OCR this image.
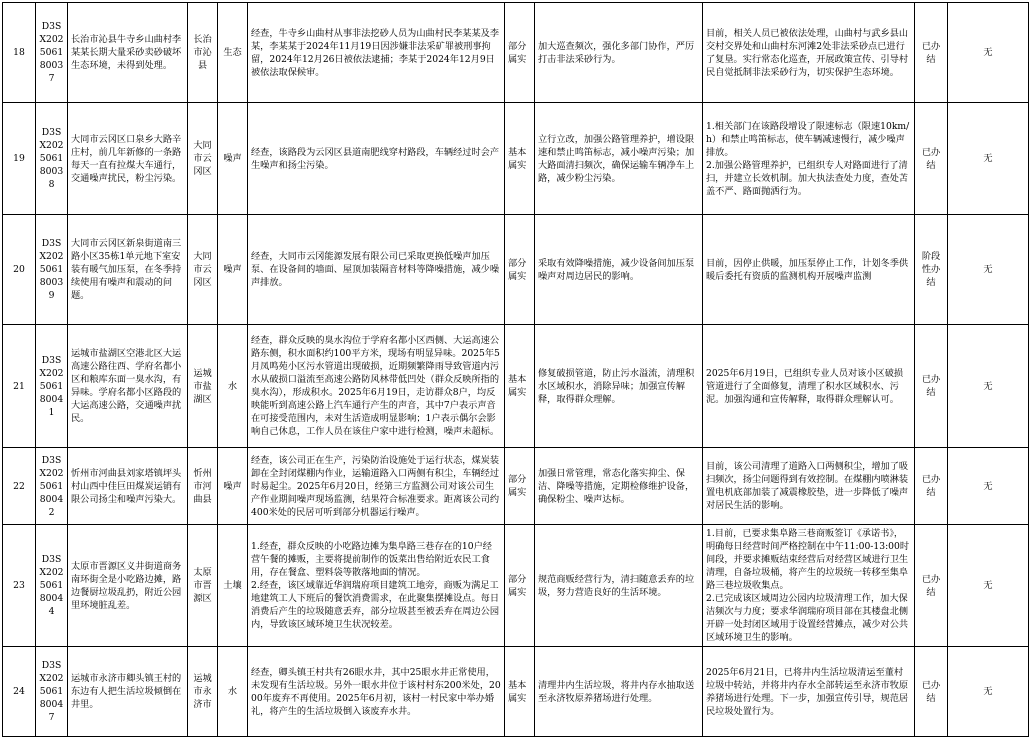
18	D3SX202506180037	长治市沁县牛寺乡山曲村李某某长期大量采砂卖砂破坏生态环境，未得到处理。	长治市沁县	生态	经查，牛寺乡山曲村从事非法挖砂人员为山曲村民李某某及李某，李某某于2024年11月19日因涉嫌非法采矿罪被刑事拘留，2024年12月26日被依法逮捕；李某于2024年12月9日被依法取保候审。	部分属实	加大巡查频次，强化多部门协作，严厉打击非法采砂行为。	目前，相关人员已被依法处理，山曲村与武乡县山交村交界处和山曲村东河滩2处非法采砂点已进行了复垦。实行常态化巡查，开展政策宣传、引导村民自觉抵制非法采砂行为，切实保护生态环境。	已办结	无
19	D3SX202506180038	大同市云冈区口泉乡大路辛庄村，前几年新修的一条路每天一直有拉煤大车通行，交通噪声扰民，粉尘污染。	大同市云冈区	噪声	经查，该路段为云冈区县道南肥线穿村路段，车辆经过时会产生噪声和扬尘污染。	基本属实	立行立改，加强公路管理养护，增设限速和禁止鸣笛标志，减小噪声污染；加大路面清扫频次，确保运输车辆净车上路，减少粉尘污染。	1.相关部门在该路段增设了限速标志（限速10km/h）和禁止鸣笛标志，使车辆减速慢行，减少噪声排放。
2.加强公路管理养护，已组织专人对路面进行了清扫，并建立长效机制。加大执法查处力度，查处苫盖不严、路面抛洒行为。	已办结	无
20	D3SX202506180039	大同市云冈区新泉街道南三路小区35栋1单元地下室安装有暖气加压泵，在冬季持续使用有噪声和震动的问题。	大同市云冈区	噪声	经查，大同市云冈能源发展有限公司已采取更换低噪声加压泵、在设备间的墙面、屋顶加装隔音材料等降噪措施，减少噪声排放。	部分属实	采取有效降噪措施，减少设备间加压泵噪声对周边居民的影响。	目前，因停止供暖，加压泵停止工作，计划冬季供暖后委托有资质的监测机构开展噪声监测	阶段性办结	无
21	D3SX202506180041	运城市盐湖区空港北区大运高速公路往西、学府名都小区和粮库东面一臭水沟，有异味。学府名都小区路段的大运高速公路，交通噪声扰民。	运城市盐湖区	水	经查，群众反映的臭水沟位于学府名都小区西侧、大运高速公路东侧，积水面积约100平方米，现场有明显异味。2025年5月凤鸣苑小区污水管道出现破损，近期频繁降雨导致管道内污水从破损口溢流至高速公路防风林带低凹处（群众反映所指的臭水沟），形成积水。2025年6月19日，走访群众8户，均反映能听到高速公路上汽车通行产生的声音，其中7户表示声音在可接受范围内，未对生活造成明显影响；1户表示偶尔会影响自己休息，工作人员在该住户家中进行检测，噪声未超标。	基本属实	修复破损管道，防止污水溢流，清理积水区域积水，消除异味；加强宣传解释，取得群众理解。	2025年6月19日，已组织专业人员对该小区破损管道进行了全面修复，清理了积水区域积水、污泥。加强沟通和宣传解释，取得群众理解认可。	已办结	无
22	D3SX202506180042	忻州市河曲县刘家塔镇坪头村山西中佳巨田煤炭运销有限公司扬尘和噪声污染大。	忻州市河曲县	噪声	经查，该公司正在生产，污染防治设施处于运行状态，煤炭装卸在全封闭煤棚内作业，运输道路入口两侧有积尘，车辆经过时易起尘。2025年6月20日，经第三方监测公司对该公司生产作业期间噪声现场监测，结果符合标准要求。距离该公司约400米处的民居可听到部分机器运行噪声。	部分属实	加强日常管理，常态化落实抑尘、保洁、降噪等措施，定期检修维护设备，确保粉尘、噪声达标。	目前，该公司清理了道路入口两侧积尘，增加了吸扫频次，扬尘问题得到有效控制。在煤棚内喷淋装置电机底部加装了减震橡胶垫，进一步降低了噪声对居民生活的影响。	已办结	无
23	D3SX202506180044	太原市晋源区义井街道商务南环街全是小吃路边摊，路边餐厨垃圾乱扔，附近公园里环境脏乱差。	太原市晋源区	土壤	1.经查，群众反映的小吃路边摊为集阜路三巷存在的10户经营午餐的摊贩，主要将提前制作的饭菜出售给附近农民工食用，存在餐盒、塑料袋等散落地面的情况。
2.经查，该区域靠近华润瑞府项目建筑工地旁，商贩为满足工地建筑工人下班后的餐饮消费需求，在此聚集摆摊设点。每日消费后产生的垃圾随意丢弃，部分垃圾甚至被丢弃在周边公园内，导致该区域环境卫生状况较差。	部分属实	规范商贩经营行为，清扫随意丢弃的垃圾，努力营造良好的生活环境。	1.目前，已要求集阜路三巷商贩签订《承诺书》，明确每日经营时间严格控制在中午11:00-13:00时间段，并要求摊贩结束经营后对经营区域进行卫生清理，自备垃圾桶，将产生的垃圾统一转移至集阜路三巷垃圾收集点。
2.已完成该区域周边公园内垃圾清理工作，加大保洁频次与力度；要求华润瑞府项目部在其楼盘北侧开辟一处封闭区域用于设置经营摊点，减少对公共区域环境卫生的影响。	已办结	无
24	D3SX202506180047	运城市永济市卿头镇王村的东边有人把生活垃圾倾倒在井里。	运城市永济市	水	经查，卿头镇王村共有26眼水井，其中25眼水井正常使用，未发现有生活垃圾。另外一眼水井位于该村村东200米处，2000年废弃不再使用。2025年6月初，该村一村民家中举办婚礼，将产生的生活垃圾倒入该废弃水井。	基本属实	清理井内生活垃圾，将井内存水抽取送至永济牧原养猪场进行处理。	2025年6月21日，已将井内生活垃圾清运至董村垃圾中转站，并将井内存水全部转运至永济市牧原养猪场进行处理。下一步，加强宣传引导，规范居民垃圾处置行为。	已办结	无
